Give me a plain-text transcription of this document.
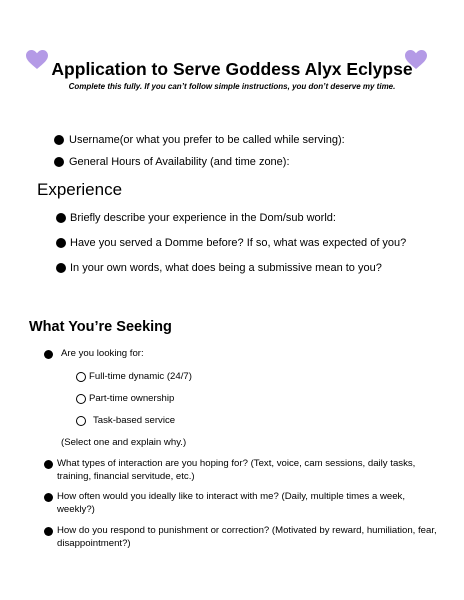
Application to Serve Goddess Alyx Eclypse
Complete this fully. If you can’t follow simple instructions, you don’t deserve my time.
Username(or what you prefer to be called while serving):
General Hours of Availability (and time zone):
Experience
Briefly describe your experience in the Dom/sub world:
Have you served a Domme before? If so, what was expected of you?
In your own words, what does being a submissive mean to you?
What You’re Seeking
Are you looking for:
Full-time dynamic (24/7)
Part-time ownership
Task-based service
(Select one and explain why.)
What types of interaction are you hoping for? (Text, voice, cam sessions, daily tasks, training, financial servitude, etc.)
How often would you ideally like to interact with me? (Daily, multiple times a week, weekly?)
How do you respond to punishment or correction? (Motivated by reward, humiliation, fear, disappointment?)
